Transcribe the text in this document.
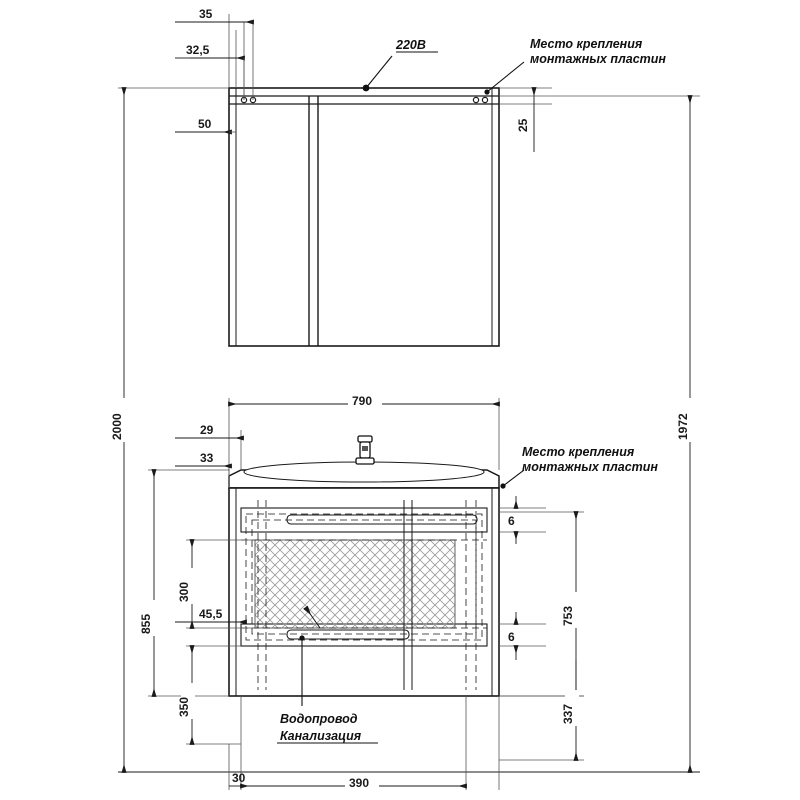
35
32,5
50	25
790
29
33
6
6
300
45,5
855
350
753
337
2000	1972
30	390
220В	Место крепления
монтажных пластин
Место крепления
монтажных пластин
Водопровод
Канализация
